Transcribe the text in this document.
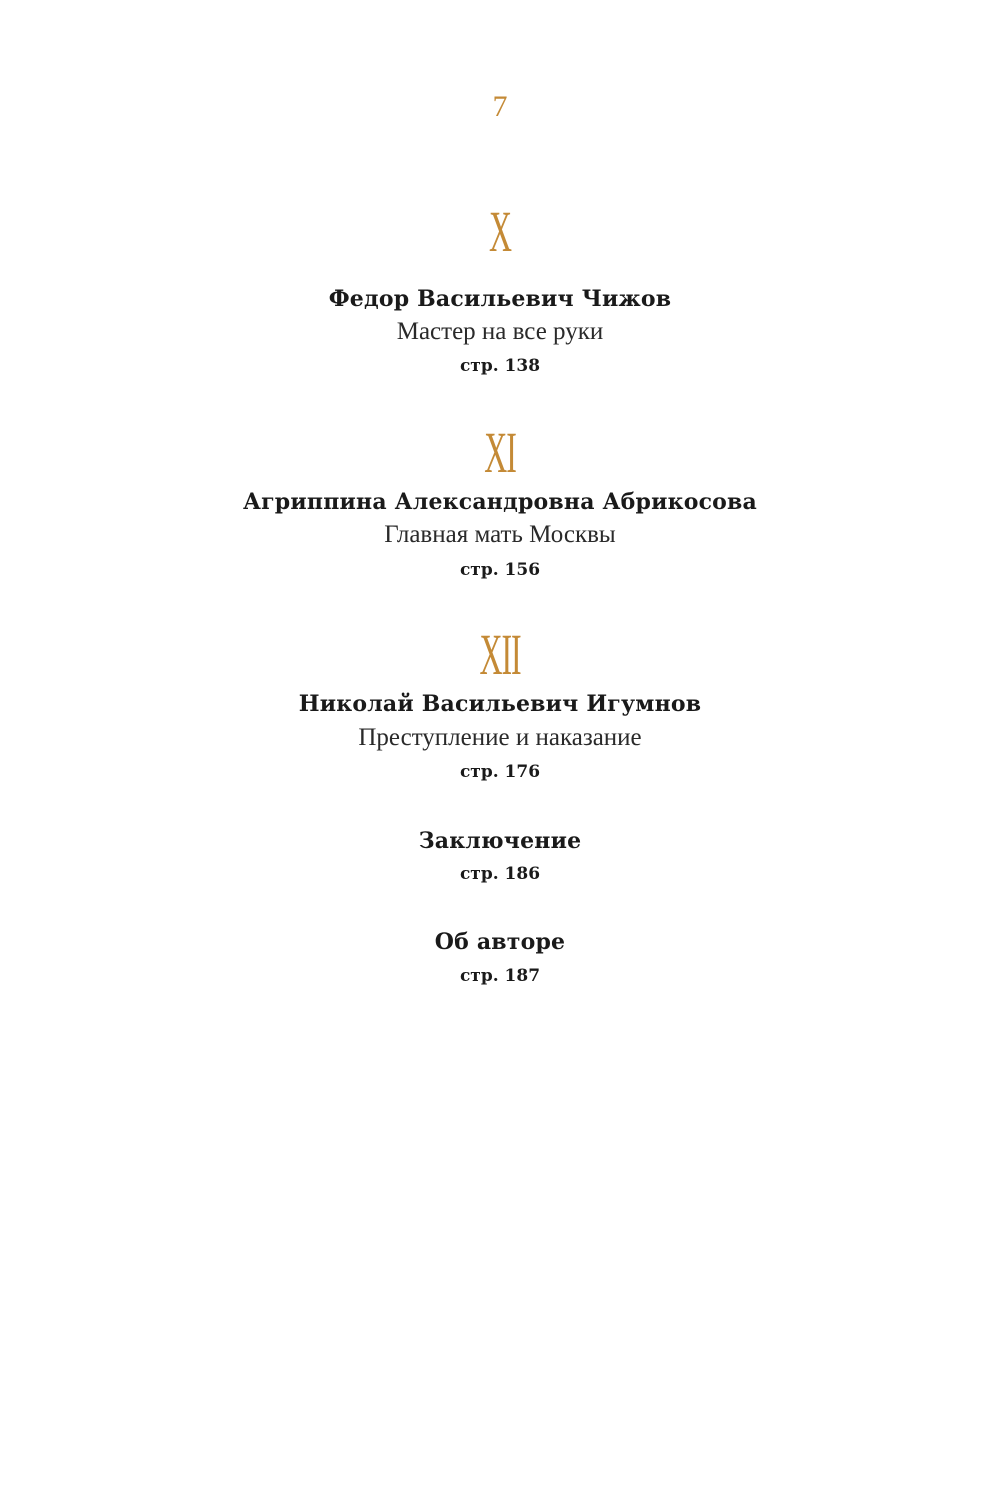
7
X
Федор Васильевич Чижов
Мастер на все руки
стр. 138
XI
Агриппина Александровна Абрикосова
Главная мать Москвы
стр. 156
XII
Николай Васильевич Игумнов
Преступление и наказание
стр. 176
Заключение
стр. 186
Об авторе
стр. 187
